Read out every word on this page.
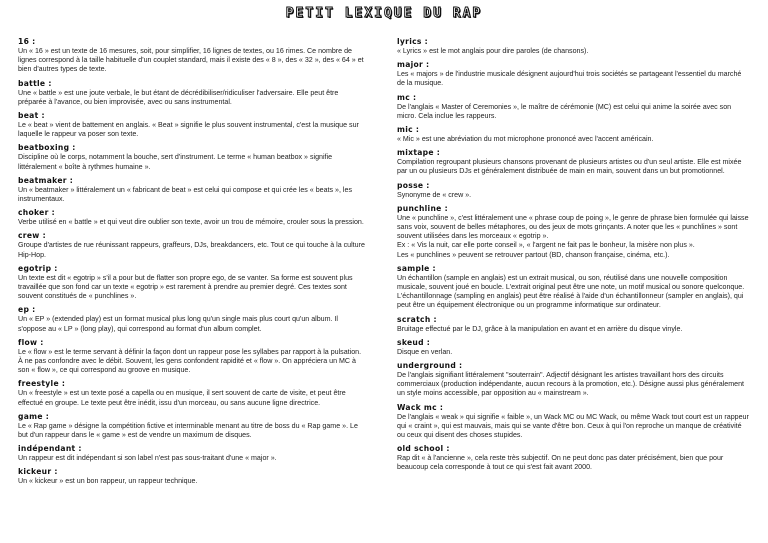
PETIT LEXIQUE DU RAP
16 :
Un « 16 » est un texte de 16 mesures, soit, pour simplifier, 16 lignes de textes, ou 16 rimes. Ce nombre de lignes correspond à la taille habituelle d'un couplet standard, mais il existe des « 8 », des « 32 », des « 64 » et bien d'autres types de texte.
battle :
Une « battle » est une joute verbale, le but étant de décrédibiliser/ridiculiser l'adversaire. Elle peut être préparée à l'avance, ou bien improvisée, avec ou sans instrumental.
beat :
Le « beat » vient de battement en anglais. « Beat » signifie le plus souvent instrumental, c'est la musique sur laquelle le rappeur va poser son texte.
beatboxing :
Discipline où le corps, notamment la bouche, sert d'instrument. Le terme « human beatbox » signifie littéralement « boîte à rythmes humaine ».
beatmaker :
Un « beatmaker » littéralement un « fabricant de beat » est celui qui compose et qui crée les « beats », les instrumentaux.
choker :
Verbe utilisé en « battle » et qui veut dire oublier son texte, avoir un trou de mémoire, crouler sous la pression.
crew :
Groupe d'artistes de rue réunissant rappeurs, graffeurs, DJs, breakdancers, etc. Tout ce qui touche à la culture Hip-Hop.
egotrip :
Un texte est dit « egotrip » s'il a pour but de flatter son propre ego, de se vanter. Sa forme est souvent plus travaillée que son fond car un texte « egotrip » est rarement à prendre au premier degré. Ces textes sont souvent constitués de « punchlines ».
ep :
Un « EP » (extended play) est un format musical plus long qu'un single mais plus court qu'un album. Il s'oppose au « LP » (long play), qui correspond au format d'un album complet.
flow :
Le « flow » est le terme servant à définir la façon dont un rappeur pose les syllabes par rapport à la pulsation. À ne pas confondre avec le débit. Souvent, les gens confondent rapidité et « flow ». On apprécierа un MC à son « flow », ce qui correspond au groove en musique.
freestyle :
Un « freestyle » est un texte posé a capella ou en musique, il sert souvent de carte de visite, et peut être effectué en groupe. Le texte peut être inédit, issu d'un morceau, ou sans aucune ligne directrice.
game :
Le « Rap game » désigne la compétition fictive et interminable menant au titre de boss du « Rap game ». Le but d'un rappeur dans le « game » est de vendre un maximum de disques.
indépendant :
Un rappeur est dit indépendant si son label n'est pas sous-traitant d'une « major ».
kickeur :
Un « kickeur » est un bon rappeur, un rappeur technique.
lyrics :
« Lyrics » est le mot anglais pour dire paroles (de chansons).
major :
Les « majors » de l'industrie musicale désignent aujourd'hui trois sociétés se partageant l'essentiel du marché de la musique.
mc :
De l'anglais « Master of Ceremonies », le maître de cérémonie (MC) est celui qui anime la soirée avec son micro. Cela inclue les rappeurs.
mic :
« Mic » est une abréviation du mot microphone prononcé avec l'accent américain.
mixtape :
Compilation regroupant plusieurs chansons provenant de plusieurs artistes ou d'un seul artiste. Elle est mixée par un ou plusieurs DJs et généralement distribuée de main en main, souvent dans un but promotionnel.
posse :
Synonyme de « crew ».
punchline :
Une « punchline », c'est littéralement une « phrase coup de poing », le genre de phrase bien formulée qui laisse sans voix, souvent de belles métaphores, ou des jeux de mots grinçants. A noter que les « punchlines » sont souvent utilisées dans les morceaux « egotrip ».
Ex : « Vis la nuit, car elle porte conseil », « l'argent ne fait pas le bonheur, la misère non plus ».
Les « punchlines » peuvent se retrouver partout (BD, chanson française, cinéma, etc.).
sample :
Un échantillon (sample en anglais) est un extrait musical, ou son, réutilisé dans une nouvelle composition musicale, souvent joué en boucle. L'extrait original peut être une note, un motif musical ou sonore quelconque. L'échantillonnage (sampling en anglais) peut être réalisé à l'aide d'un échantillonneur (sampler en anglais), qui peut être un équipement électronique ou un programme informatique sur ordinateur.
scratch :
Bruitage effectué par le DJ, grâce à la manipulation en avant et en arrière du disque vinyle.
skeud :
Disque en verlan.
underground :
De l'anglais signifiant littéralement "souterrain". Adjectif désignant les artistes travaillant hors des circuits commerciaux (production indépendante, aucun recours à la promotion, etc.). Désigne aussi plus généralement un style moins accessible, par opposition au « mainstream ».
Wack mc :
De l'anglais « weak » qui signifie « faible », un Wack MC ou MC Wack, ou même Wack tout court est un rappeur qui « craint », qui est mauvais, mais qui se vante d'être bon. Ceux à qui l'on reproche un manque de créativité ou ceux qui disent des choses stupides.
old school :
Rap dit « à l'ancienne », cela reste très subjectif. On ne peut donc pas dater précisément, bien que pour beaucoup cela corresponde à tout ce qui s'est fait avant 2000.
